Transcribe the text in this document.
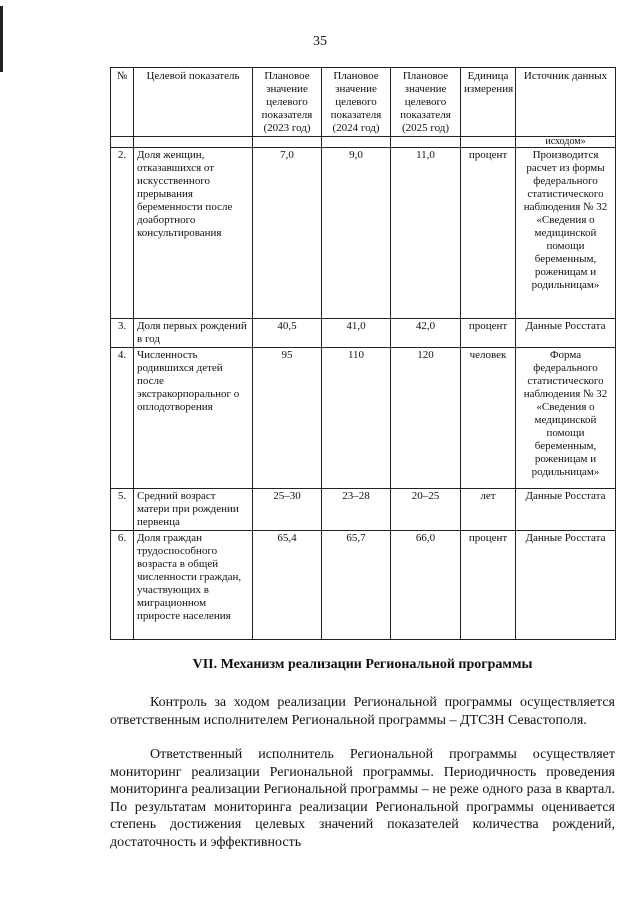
35
№	Целевой показатель	Плановое значение целевого показателя (2023 год)	Плановое значение целевого показателя (2024 год)	Плановое значение целевого показателя (2025 год)	Единица измерения	Источник данных
						исходом»
2.	Доля женщин, отказавшихся от искусственного прерывания беременности после доабортного консультирования	7,0	9,0	11,0	процент	Производится расчет из формы федерального статистического наблюдения № 32 «Сведения о медицинской помощи беременным, роженицам и родильницам»
3.	Доля первых рождений в год	40,5	41,0	42,0	процент	Данные Росстата
4.	Численность родившихся детей после экстракорпоральног о оплодотворения	95	110	120	человек	Форма федерального статистического наблюдения № 32 «Сведения о медицинской помощи беременным, роженицам и родильницам»
5.	Средний возраст матери при рождении первенца	25–30	23–28	20–25	лет	Данные Росстата
6.	Доля граждан трудоспособного возраста в общей численности граждан, участвующих в миграционном приросте населения	65,4	65,7	66,0	процент	Данные Росстата
VII. Механизм реализации Региональной программы

Контроль за ходом реализации Региональной программы осуществляется ответственным исполнителем Региональной программы – ДТСЗН Севастополя.

Ответственный исполнитель Региональной программы осуществляет мониторинг реализации Региональной программы. Периодичность проведения мониторинга реализации Региональной программы – не реже одного раза в квартал. По результатам мониторинга реализации Региональной программы оценивается степень достижения целевых значений показателей количества рождений, достаточность и эффективность
